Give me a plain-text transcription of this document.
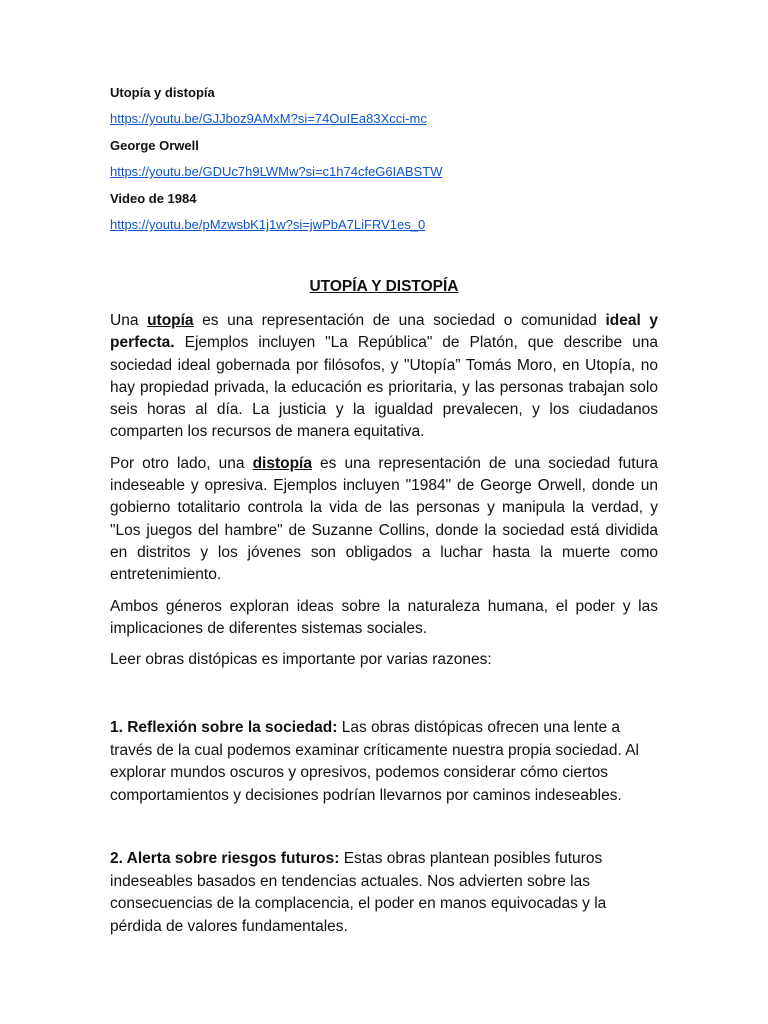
Utopía y distopía

https://youtu.be/GJJboz9AMxM?si=74OuIEa83Xcci-mc

George Orwell

https://youtu.be/GDUc7h9LWMw?si=c1h74cfeG6IABSTW

Video de 1984

https://youtu.be/pMzwsbK1j1w?si=jwPbA7LiFRV1es_0

UTOPÍA Y DISTOPÍA

Una utopía es una representación de una sociedad o comunidad ideal y perfecta. Ejemplos incluyen "La República" de Platón, que describe una sociedad ideal gobernada por filósofos, y "Utopía” Tomás Moro, en Utopía, no hay propiedad privada, la educación es prioritaria, y las personas trabajan solo seis horas al día. La justicia y la igualdad prevalecen, y los ciudadanos comparten los recursos de manera equitativa.

Por otro lado, una distopía es una representación de una sociedad futura indeseable y opresiva. Ejemplos incluyen "1984" de George Orwell, donde un gobierno totalitario controla la vida de las personas y manipula la verdad, y "Los juegos del hambre" de Suzanne Collins, donde la sociedad está dividida en distritos y los jóvenes son obligados a luchar hasta la muerte como entretenimiento.

Ambos géneros exploran ideas sobre la naturaleza humana, el poder y las implicaciones de diferentes sistemas sociales.

Leer obras distópicas es importante por varias razones:

1. Reflexión sobre la sociedad: Las obras distópicas ofrecen una lente a través de la cual podemos examinar críticamente nuestra propia sociedad. Al explorar mundos oscuros y opresivos, podemos considerar cómo ciertos comportamientos y decisiones podrían llevarnos por caminos indeseables.

2. Alerta sobre riesgos futuros: Estas obras plantean posibles futuros indeseables basados en tendencias actuales. Nos advierten sobre las consecuencias de la complacencia, el poder en manos equivocadas y la pérdida de valores fundamentales.
